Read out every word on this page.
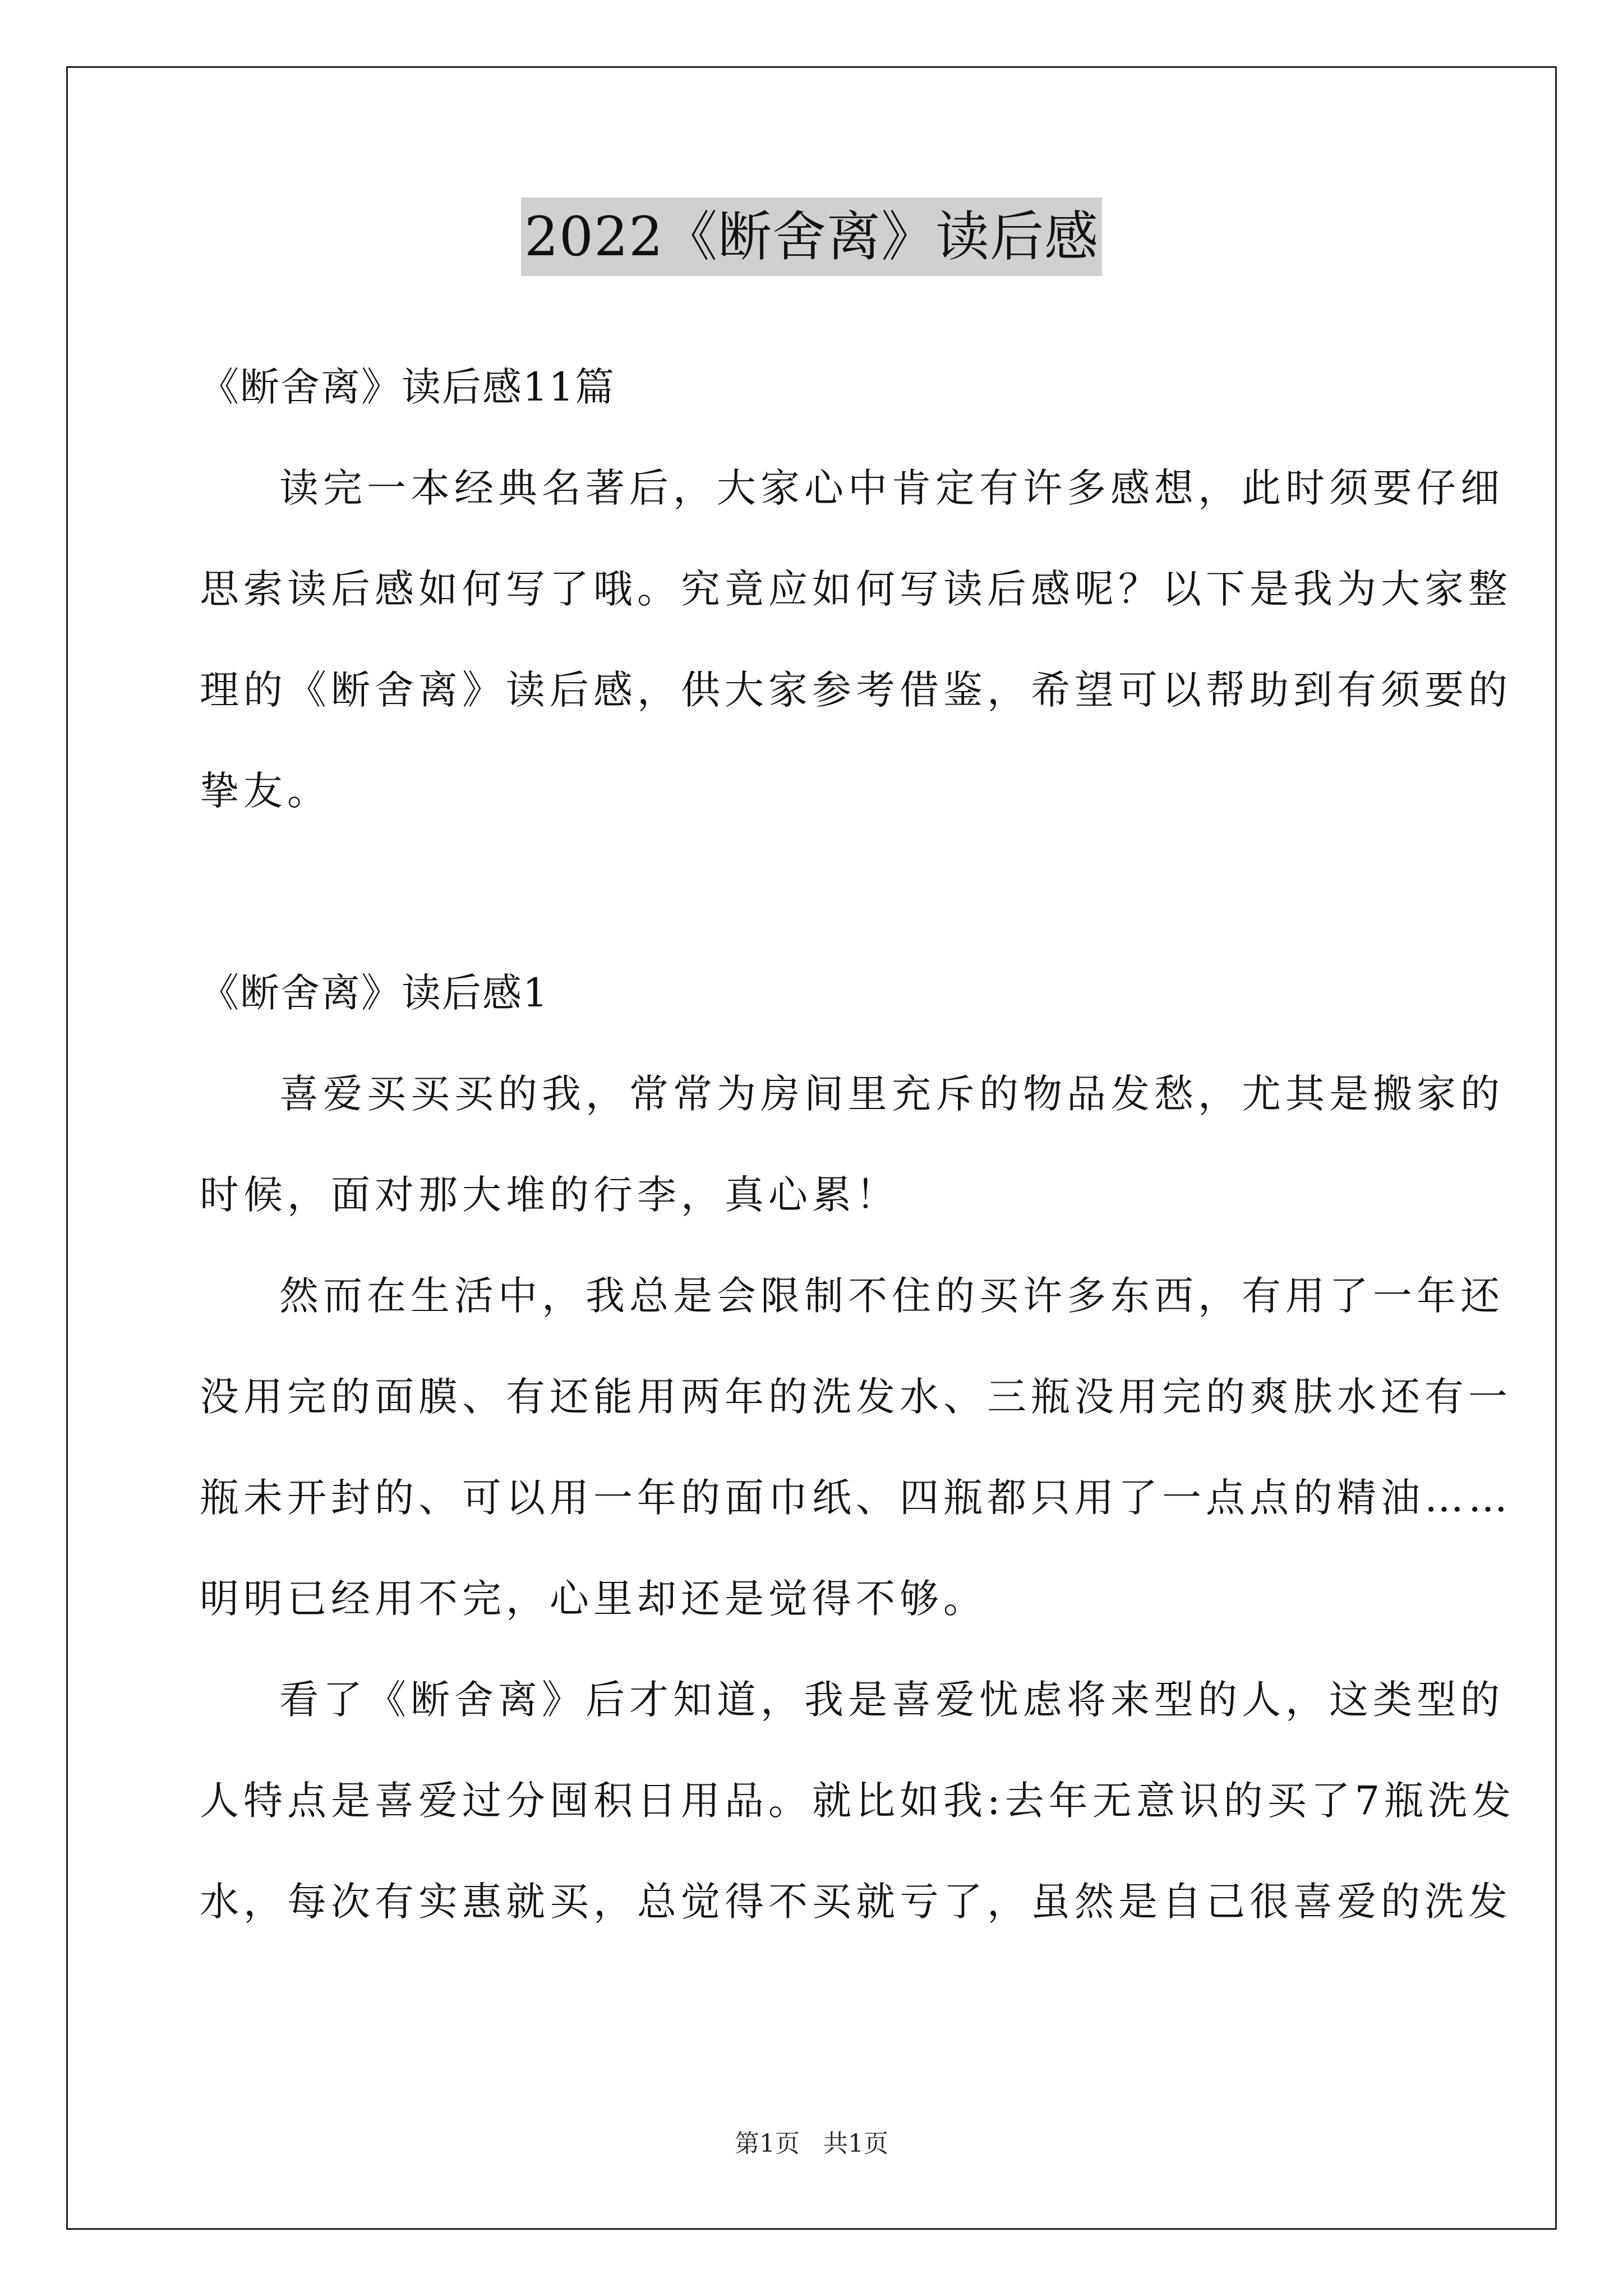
2022《断舍离》读后感
《断舍离》读后感11篇
读完一本经典名著后，大家心中肯定有许多感想，此时须要仔细
思索读后感如何写了哦。究竟应如何写读后感呢？以下是我为大家整
理的《断舍离》读后感，供大家参考借鉴，希望可以帮助到有须要的
挚友。
《断舍离》读后感1
喜爱买买买的我，常常为房间里充斥的物品发愁，尤其是搬家的
时候，面对那大堆的行李，真心累！
然而在生活中，我总是会限制不住的买许多东西，有用了一年还
没用完的面膜、有还能用两年的洗发水、三瓶没用完的爽肤水还有一
瓶未开封的、可以用一年的面巾纸、四瓶都只用了一点点的精油……
明明已经用不完，心里却还是觉得不够。
看了《断舍离》后才知道，我是喜爱忧虑将来型的人，这类型的
人特点是喜爱过分囤积日用品。就比如我:去年无意识的买了7瓶洗发
水，每次有实惠就买，总觉得不买就亏了，虽然是自己很喜爱的洗发
第1页 共1页
